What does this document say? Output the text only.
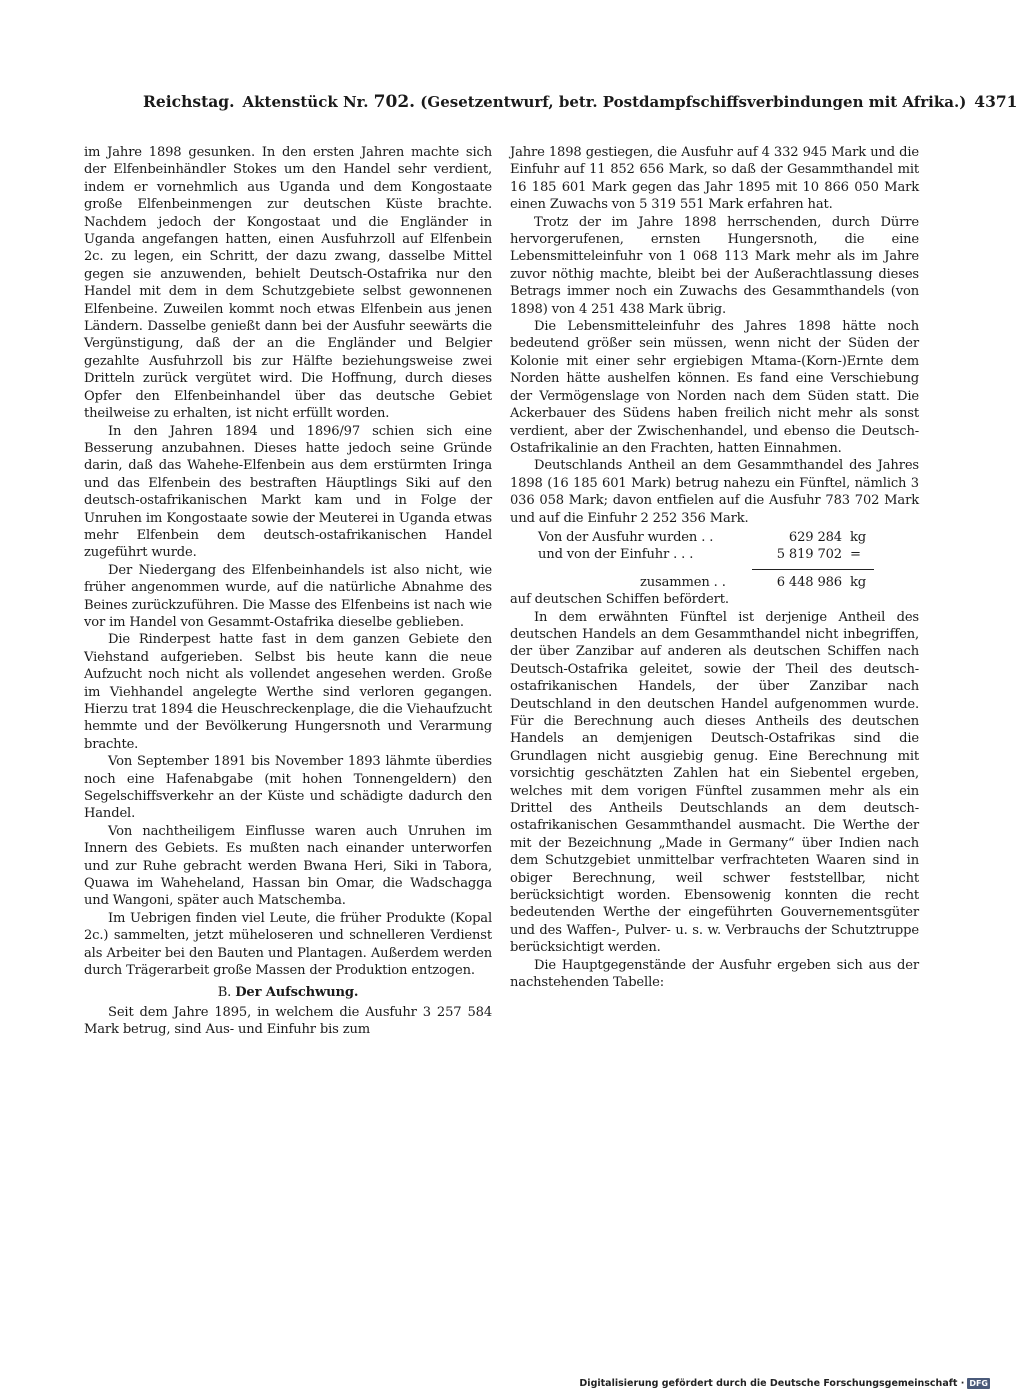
Reichstag. Aktenstück Nr. 702. (Gesetzentwurf, betr. Postdampfschiffsverbindungen mit Afrika.) 4371

im Jahre 1898 gesunken. In den ersten Jahren machte sich der Elfenbeinhändler Stokes um den Handel sehr verdient, indem er vornehmlich aus Uganda und dem Kongostaate große Elfenbeinmengen zur deutschen Küste brachte. Nachdem jedoch der Kongostaat und die Engländer in Uganda angefangen hatten, einen Ausfuhrzoll auf Elfenbein 2c. zu legen, ein Schritt, der dazu zwang, dasselbe Mittel gegen sie anzuwenden, behielt Deutsch-Ostafrika nur den Handel mit dem in dem Schutzgebiete selbst gewonnenen Elfenbeine. Zuweilen kommt noch etwas Elfenbein aus jenen Ländern. Dasselbe genießt dann bei der Ausfuhr seewärts die Vergünstigung, daß der an die Engländer und Belgier gezahlte Ausfuhrzoll bis zur Hälfte beziehungsweise zwei Dritteln zurück vergütet wird. Die Hoffnung, durch dieses Opfer den Elfenbeinhandel über das deutsche Gebiet theilweise zu erhalten, ist nicht erfüllt worden.

In den Jahren 1894 und 1896/97 schien sich eine Besserung anzubahnen. Dieses hatte jedoch seine Gründe darin, daß das Wahehe-Elfenbein aus dem erstürmten Iringa und das Elfenbein des bestraften Häuptlings Siki auf den deutsch-ostafrikanischen Markt kam und in Folge der Unruhen im Kongostaate sowie der Meuterei in Uganda etwas mehr Elfenbein dem deutsch-ostafrikanischen Handel zugeführt wurde.

Der Niedergang des Elfenbeinhandels ist also nicht, wie früher angenommen wurde, auf die natürliche Abnahme des Beines zurückzuführen. Die Masse des Elfenbeins ist nach wie vor im Handel von Gesammt-Ostafrika dieselbe geblieben.

Die Rinderpest hatte fast in dem ganzen Gebiete den Viehstand aufgerieben. Selbst bis heute kann die neue Aufzucht noch nicht als vollendet angesehen werden. Große im Viehhandel angelegte Werthe sind verloren gegangen. Hierzu trat 1894 die Heuschreckenplage, die die Viehaufzucht hemmte und der Bevölkerung Hungersnoth und Verarmung brachte.

Von September 1891 bis November 1893 lähmte überdies noch eine Hafenabgabe (mit hohen Tonnengeldern) den Segelschiffsverkehr an der Küste und schädigte dadurch den Handel.

Von nachtheiligem Einflusse waren auch Unruhen im Innern des Gebiets. Es mußten nach einander unterworfen und zur Ruhe gebracht werden Bwana Heri, Siki in Tabora, Quawa im Waheheland, Hassan bin Omar, die Wadschagga und Wangoni, später auch Matschemba.

Im Uebrigen finden viel Leute, die früher Produkte (Kopal 2c.) sammelten, jetzt müheloseren und schnelleren Verdienst als Arbeiter bei den Bauten und Plantagen. Außerdem werden durch Trägerarbeit große Massen der Produktion entzogen.

B. Der Aufschwung.

Seit dem Jahre 1895, in welchem die Ausfuhr 3 257 584 Mark betrug, sind Aus- und Einfuhr bis zum

Jahre 1898 gestiegen, die Ausfuhr auf 4 332 945 Mark und die Einfuhr auf 11 852 656 Mark, so daß der Gesammthandel mit 16 185 601 Mark gegen das Jahr 1895 mit 10 866 050 Mark einen Zuwachs von 5 319 551 Mark erfahren hat.

Trotz der im Jahre 1898 herrschenden, durch Dürre hervorgerufenen, ernsten Hungersnoth, die eine Lebensmitteleinfuhr von 1 068 113 Mark mehr als im Jahre zuvor nöthig machte, bleibt bei der Außerachtlassung dieses Betrags immer noch ein Zuwachs des Gesammthandels (von 1898) von 4 251 438 Mark übrig.

Die Lebensmitteleinfuhr des Jahres 1898 hätte noch bedeutend größer sein müssen, wenn nicht der Süden der Kolonie mit einer sehr ergiebigen Mtama-(Korn-)Ernte dem Norden hätte aushelfen können. Es fand eine Verschiebung der Vermögenslage von Norden nach dem Süden statt. Die Ackerbauer des Südens haben freilich nicht mehr als sonst verdient, aber der Zwischenhandel, und ebenso die Deutsch-Ostafrikalinie an den Frachten, hatten Einnahmen.

Deutschlands Antheil an dem Gesammthandel des Jahres 1898 (16 185 601 Mark) betrug nahezu ein Fünftel, nämlich 3 036 058 Mark; davon entfielen auf die Ausfuhr 783 702 Mark und auf die Einfuhr 2 252 356 Mark.

Von der Ausfuhr wurden . .	629 284 kg
und von der Einfuhr . . .	5 819 702 =
zusammen . .	6 448 986 kg

auf deutschen Schiffen befördert.

In dem erwähnten Fünftel ist derjenige Antheil des deutschen Handels an dem Gesammthandel nicht inbegriffen, der über Zanzibar auf anderen als deutschen Schiffen nach Deutsch-Ostafrika geleitet, sowie der Theil des deutsch-ostafrikanischen Handels, der über Zanzibar nach Deutschland in den deutschen Handel aufgenommen wurde. Für die Berechnung auch dieses Antheils des deutschen Handels an demjenigen Deutsch-Ostafrikas sind die Grundlagen nicht ausgiebig genug. Eine Berechnung mit vorsichtig geschätzten Zahlen hat ein Siebentel ergeben, welches mit dem vorigen Fünftel zusammen mehr als ein Drittel des Antheils Deutschlands an dem deutsch-ostafrikanischen Gesammthandel ausmacht. Die Werthe der mit der Bezeichnung „Made in Germany“ über Indien nach dem Schutzgebiet unmittelbar verfrachteten Waaren sind in obiger Berechnung, weil schwer feststellbar, nicht berücksichtigt worden. Ebensowenig konnten die recht bedeutenden Werthe der eingeführten Gouvernementsgüter und des Waffen-, Pulver- u. s. w. Verbrauchs der Schutztruppe berücksichtigt werden.

Die Hauptgegenstände der Ausfuhr ergeben sich aus der nachstehenden Tabelle:

Digitalisierung gefördert durch die Deutsche Forschungsgemeinschaft · DFG
